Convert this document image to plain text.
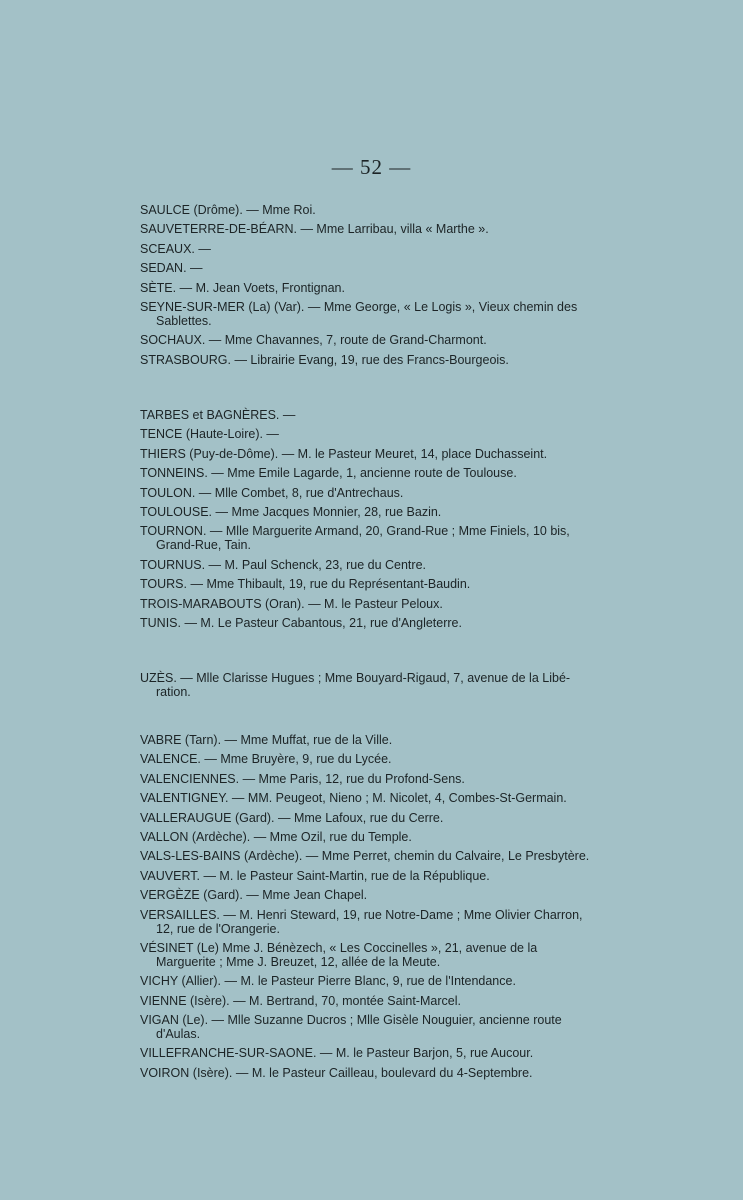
— 52 —
SAULCE (Drôme). — Mme Roi.
SAUVETERRE-DE-BÉARN. — Mme Larribau, villa « Marthe ».
SCEAUX. —
SEDAN. —
SÈTE. — M. Jean Voets, Frontignan.
SEYNE-SUR-MER (La) (Var). — Mme George, « Le Logis », Vieux chemin des
Sablettes.
SOCHAUX. — Mme Chavannes, 7, route de Grand-Charmont.
STRASBOURG. — Librairie Evang, 19, rue des Francs-Bourgeois.
TARBES et BAGNÈRES. —
TENCE (Haute-Loire). —
THIERS (Puy-de-Dôme). — M. le Pasteur Meuret, 14, place Duchasseint.
TONNEINS. — Mme Emile Lagarde, 1, ancienne route de Toulouse.
TOULON. — Mlle Combet, 8, rue d'Antrechaus.
TOULOUSE. — Mme Jacques Monnier, 28, rue Bazin.
TOURNON. — Mlle Marguerite Armand, 20, Grand-Rue ; Mme Finiels, 10 bis,
Grand-Rue, Tain.
TOURNUS. — M. Paul Schenck, 23, rue du Centre.
TOURS. — Mme Thibault, 19, rue du Représentant-Baudin.
TROIS-MARABOUTS (Oran). — M. le Pasteur Peloux.
TUNIS. — M. Le Pasteur Cabantous, 21, rue d'Angleterre.
UZÈS. — Mlle Clarisse Hugues ; Mme Bouyard-Rigaud, 7, avenue de la Libé-
ration.
VABRE (Tarn). — Mme Muffat, rue de la Ville.
VALENCE. — Mme Bruyère, 9, rue du Lycée.
VALENCIENNES. — Mme Paris, 12, rue du Profond-Sens.
VALENTIGNEY. — MM. Peugeot, Nieno ; M. Nicolet, 4, Combes-St-Germain.
VALLERAUGUE (Gard). — Mme Lafoux, rue du Cerre.
VALLON (Ardèche). — Mme Ozil, rue du Temple.
VALS-LES-BAINS (Ardèche). — Mme Perret, chemin du Calvaire, Le Presbytère.
VAUVERT. — M. le Pasteur Saint-Martin, rue de la République.
VERGÈZE (Gard). — Mme Jean Chapel.
VERSAILLES. — M. Henri Steward, 19, rue Notre-Dame ; Mme Olivier Charron,
12, rue de l'Orangerie.
VÉSINET (Le) Mme J. Bénèzech, « Les Coccinelles », 21, avenue de la
Marguerite ; Mme J. Breuzet, 12, allée de la Meute.
VICHY (Allier). — M. le Pasteur Pierre Blanc, 9, rue de l'Intendance.
VIENNE (Isère). — M. Bertrand, 70, montée Saint-Marcel.
VIGAN (Le). — Mlle Suzanne Ducros ; Mlle Gisèle Nouguier, ancienne route
d'Aulas.
VILLEFRANCHE-SUR-SAONE. — M. le Pasteur Barjon, 5, rue Aucour.
VOIRON (Isère). — M. le Pasteur Cailleau, boulevard du 4-Septembre.
